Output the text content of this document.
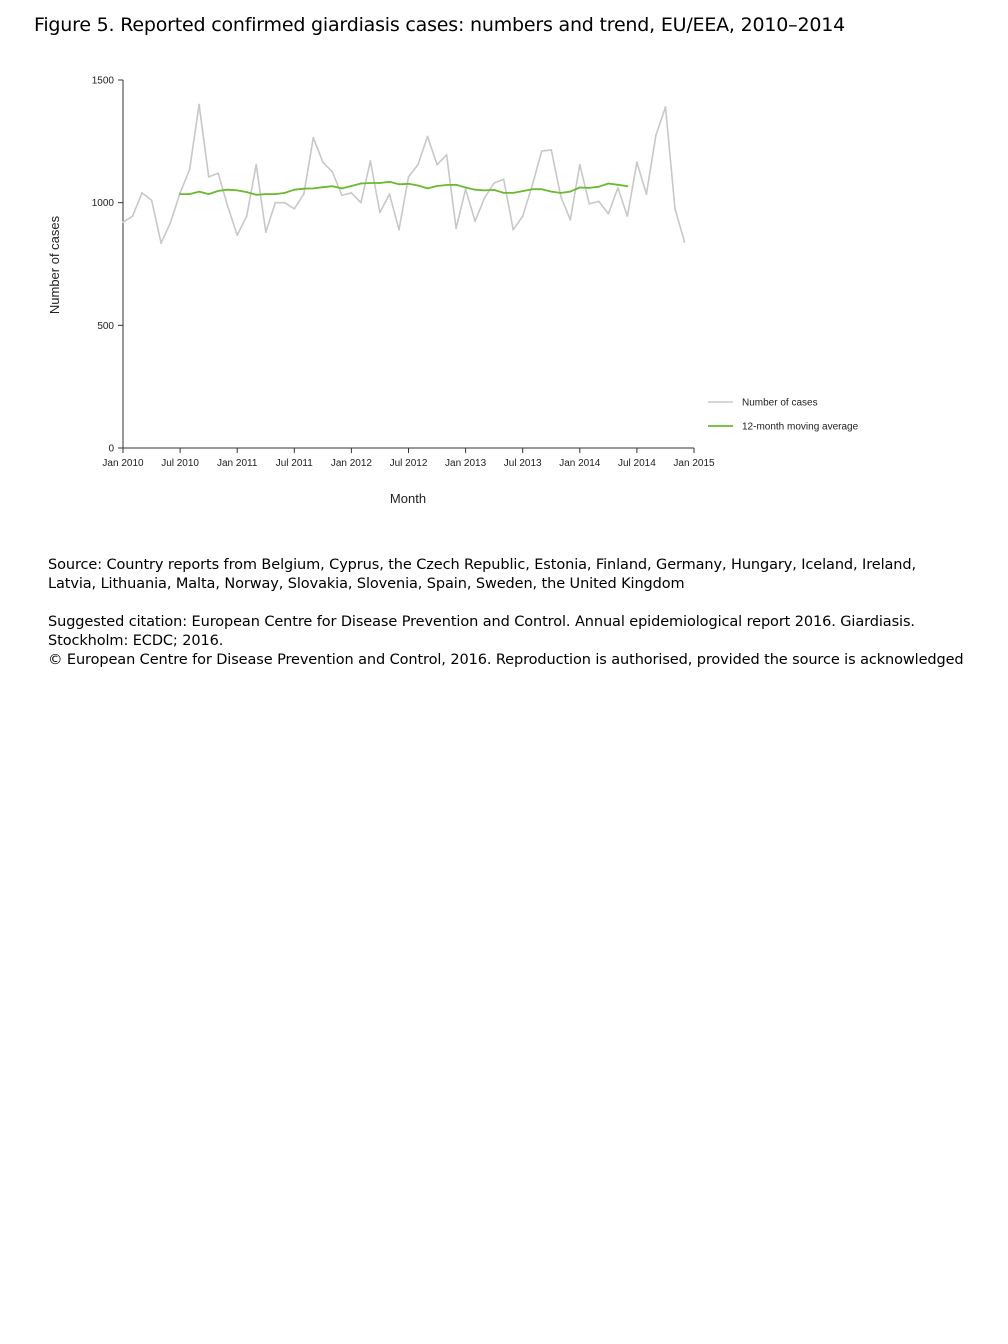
Figure 5. Reported confirmed giardiasis cases: numbers and trend, EU/EEA, 2010–2014
0
500
1000
1500
Jan 2010 Jul 2010 Jan 2011 Jul 2011 Jan 2012 Jul 2012 Jan 2013 Jul 2013 Jan 2014 Jul 2014 Jan 2015
Number of cases
Month
Number of cases
12-month moving average

Source: Country reports from Belgium, Cyprus, the Czech Republic, Estonia, Finland, Germany, Hungary, Iceland, Ireland, Latvia, Lithuania, Malta, Norway, Slovakia, Slovenia, Spain, Sweden, the United Kingdom

Suggested citation: European Centre for Disease Prevention and Control. Annual epidemiological report 2016. Giardiasis. Stockholm: ECDC; 2016.

© European Centre for Disease Prevention and Control, 2016. Reproduction is authorised, provided the source is acknowledged
